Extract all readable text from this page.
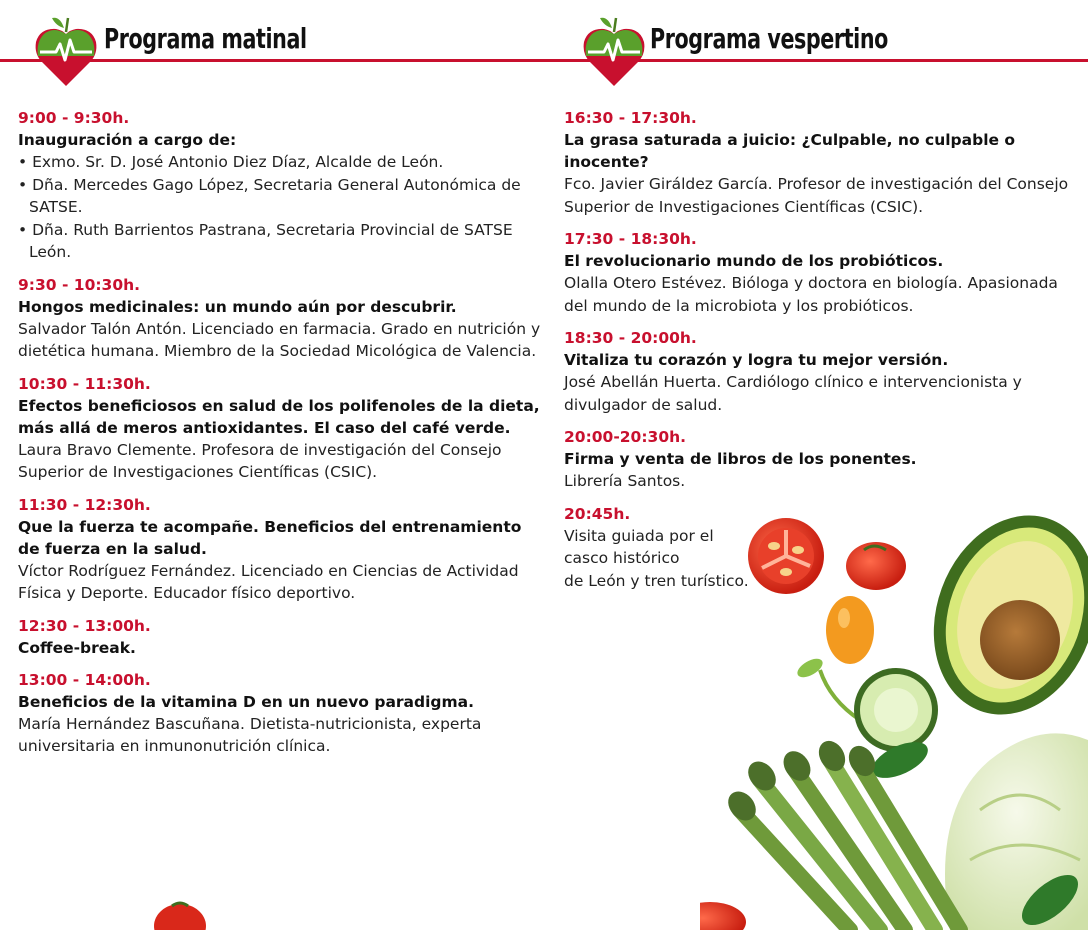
Programa matinal	Programa vespertino
9:00 - 9:30h.
Inauguración a cargo de:
• Exmo. Sr. D. José Antonio Diez Díaz, Alcalde de León.
• Dña. Mercedes Gago López, Secretaria General Autonómica de SATSE.
• Dña. Ruth Barrientos Pastrana, Secretaria Provincial de SATSE León.
9:30 - 10:30h.
Hongos medicinales: un mundo aún por descubrir.
Salvador Talón Antón. Licenciado en farmacia. Grado en nutrición y dietética humana. Miembro de la Sociedad Micológica de Valencia.
10:30 - 11:30h.
Efectos beneficiosos en salud de los polifenoles de la dieta, más allá de meros antioxidantes. El caso del café verde.
Laura Bravo Clemente. Profesora de investigación del Consejo Superior de Investigaciones Científicas (CSIC).
11:30 - 12:30h.
Que la fuerza te acompañe. Beneficios del entrenamiento de fuerza en la salud.
Víctor Rodríguez Fernández. Licenciado en Ciencias de Actividad Física y Deporte. Educador físico deportivo.
12:30 - 13:00h.
Coffee-break.
13:00 - 14:00h.
Beneficios de la vitamina D en un nuevo paradigma.
María Hernández Bascuñana. Dietista-nutricionista, experta universitaria en inmunonutrición clínica.
16:30 - 17:30h.
La grasa saturada a juicio: ¿Culpable, no culpable o inocente?
Fco. Javier Giráldez García. Profesor de investigación del Consejo Superior de Investigaciones Científicas (CSIC).
17:30 - 18:30h.
El revolucionario mundo de los probióticos.
Olalla Otero Estévez. Bióloga y doctora en biología. Apasionada del mundo de la microbiota y los probióticos.
18:30 - 20:00h.
Vitaliza tu corazón y logra tu mejor versión.
José Abellán Huerta. Cardiólogo clínico e intervencionista y divulgador de salud.
20:00-20:30h.
Firma y venta de libros de los ponentes.
Librería Santos.
20:45h.
Visita guiada por el
casco histórico
de León y tren turístico.
